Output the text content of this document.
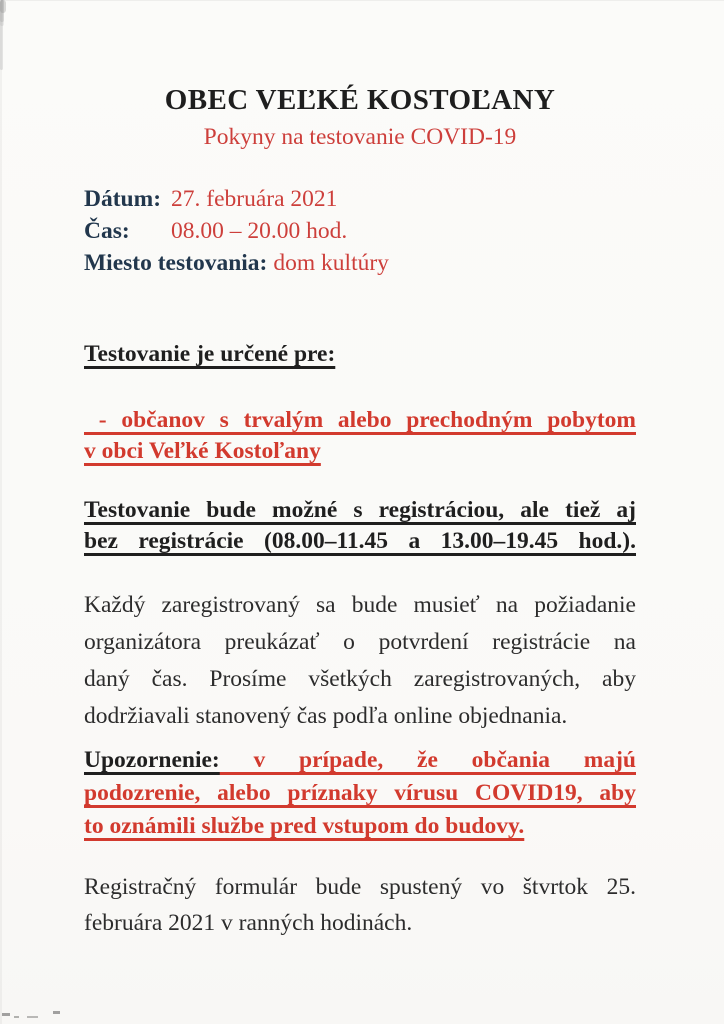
OBEC VEĽKÉ KOSTOĽANY
Pokyny na testovanie COVID-19
Dátum: 27. februára 2021
Čas:	08.00 – 20.00 hod.
Miesto testovania: dom kultúry
Testovanie je určené pre:
- občanov s trvalým alebo prechodným pobytom
v obci Veľké Kostoľany
Testovanie bude možné s registráciou, ale tiež aj
bez registrácie (08.00–11.45 a 13.00–19.45 hod.).
Každý zaregistrovaný sa bude musieť na požiadanie
organizátora preukázať o potvrdení registrácie na
daný čas. Prosíme všetkých zaregistrovaných, aby
dodržiavali stanovený čas podľa online objednania.
Upozornenie: v prípade, že občania majú
podozrenie, alebo príznaky vírusu COVID19, aby
to oznámili službe pred vstupom do budovy.
Registračný formulár bude spustený vo štvrtok 25.
februára 2021 v ranných hodinách.
